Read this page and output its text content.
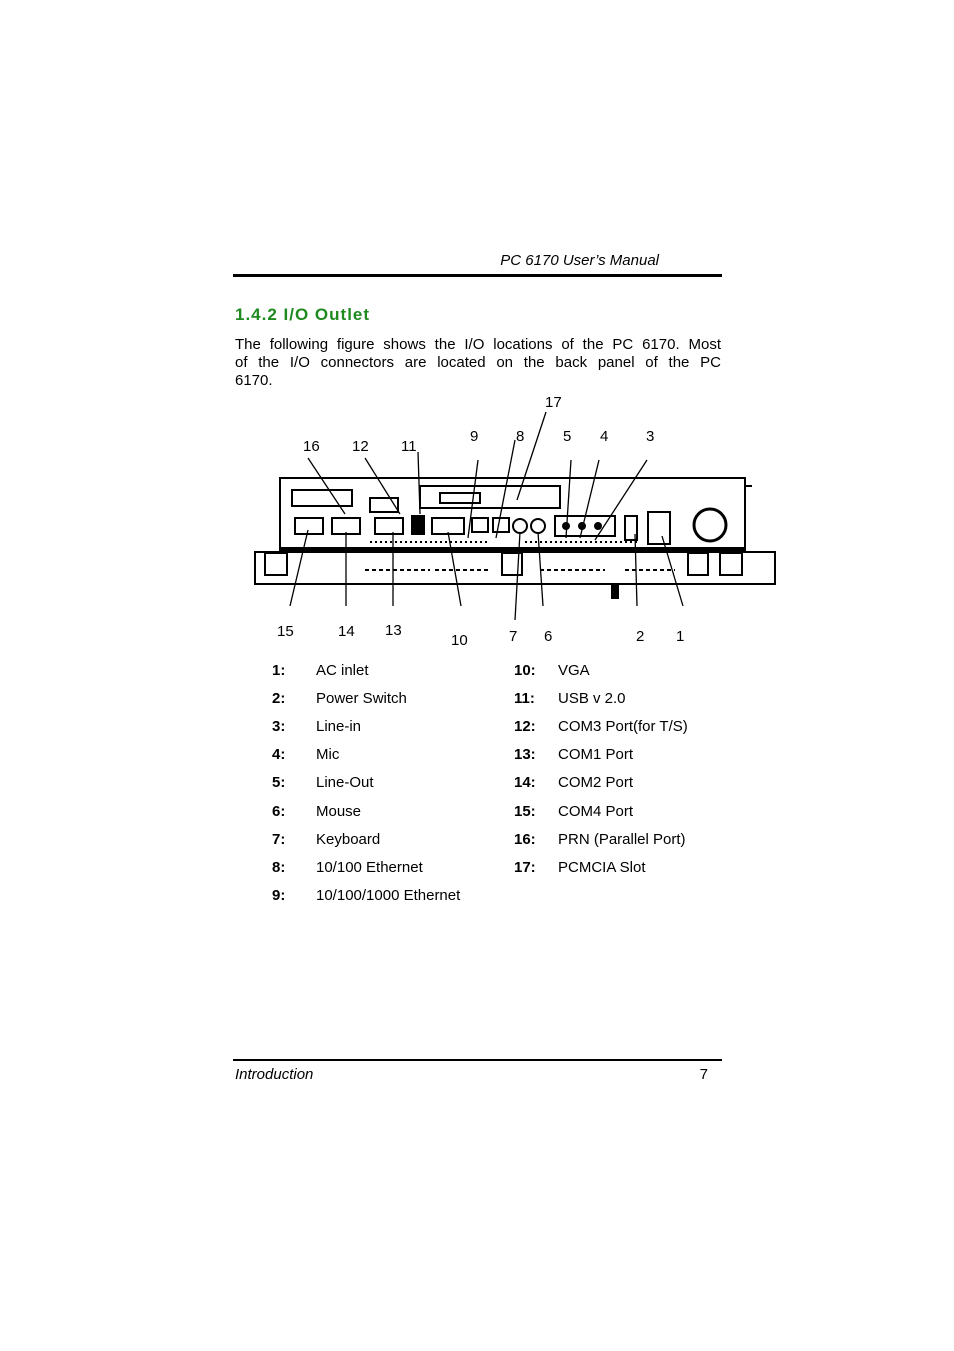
PC 6170 User’s Manual
1.4.2 I/O Outlet

The following figure shows the I/O locations of the PC 6170. Most of the I/O connectors are located on the back panel of the PC 6170.

17
16 12 11
9	8	5 4	3
15	14 13
10	7 6	2 1
1: AC inlet
2: Power Switch
3: Line-in
4: Mic
5: Line-Out
6: Mouse
7: Keyboard
8: 10/100 Ethernet
9: 10/100/1000 Ethernet
10: VGA
11: USB v 2.0
12: COM3 Port(for T/S)
13: COM1 Port
14: COM2 Port
15: COM4 Port
16: PRN (Parallel Port)
17: PCMCIA Slot
Introduction	7
